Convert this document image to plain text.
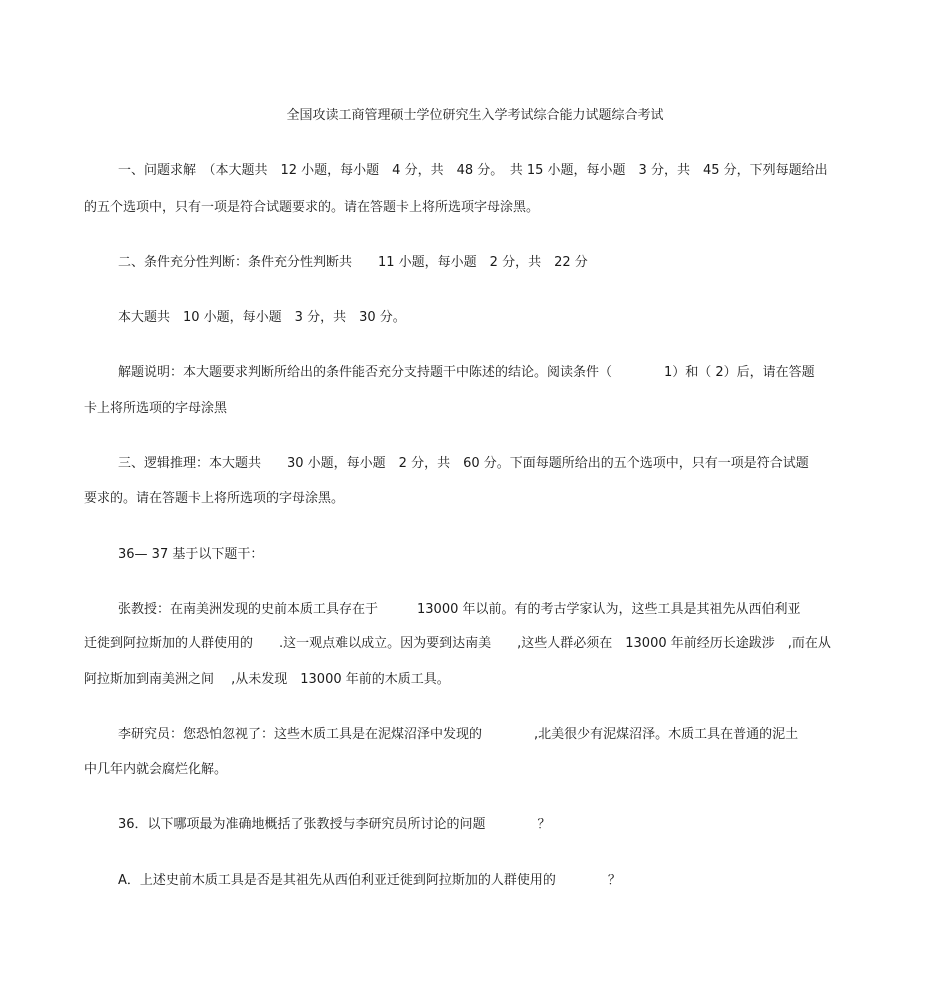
全国攻读工商管理硕士学位研究生入学考试综合能力试题综合考试
一、问题求解　（本大题共　12 小题，每小题　4 分，共　48 分。　共 15 小题，每小题　3 分，共　45 分，下列每题给出
的五个选项中，只有一项是符合试题要求的。请在答题卡上将所选项字母涂黑。
二、条件充分性判断：条件充分性判断共　　11 小题，每小题　2 分，共　22 分
本大题共　10 小题，每小题　3 分，共　30 分。
解题说明：本大题要求判断所给出的条件能否充分支持题干中陈述的结论。阅读条件（　　　　1）和（ 2）后，请在答题
卡上将所选项的字母涂黑
三、逻辑推理：本大题共　　30 小题，每小题　2 分，共　60 分。下面每题所给出的五个选项中，只有一项是符合试题
要求的。请在答题卡上将所选项的字母涂黑。
36— 37 基于以下题干：
张教授：在南美洲发现的史前本质工具存在于　　　13000 年以前。有的考古学家认为，这些工具是其祖先从西伯利亚
迁徙到阿拉斯加的人群使用的　　.这一观点难以成立。因为要到达南美　　,这些人群必须在　13000 年前经历长途跋涉　,而在从
阿拉斯加到南美洲之间　 ,从未发现　13000 年前的木质工具。
李研究员：您恐怕忽视了：这些木质工具是在泥煤沼泽中发现的　　　　,北美很少有泥煤沼泽。木质工具在普通的泥土
中几年内就会腐烂化解。
36．以下哪项最为准确地概括了张教授与李研究员所讨论的问题　　　　？
A．上述史前木质工具是否是其祖先从西伯利亚迁徙到阿拉斯加的人群使用的　　　　？
